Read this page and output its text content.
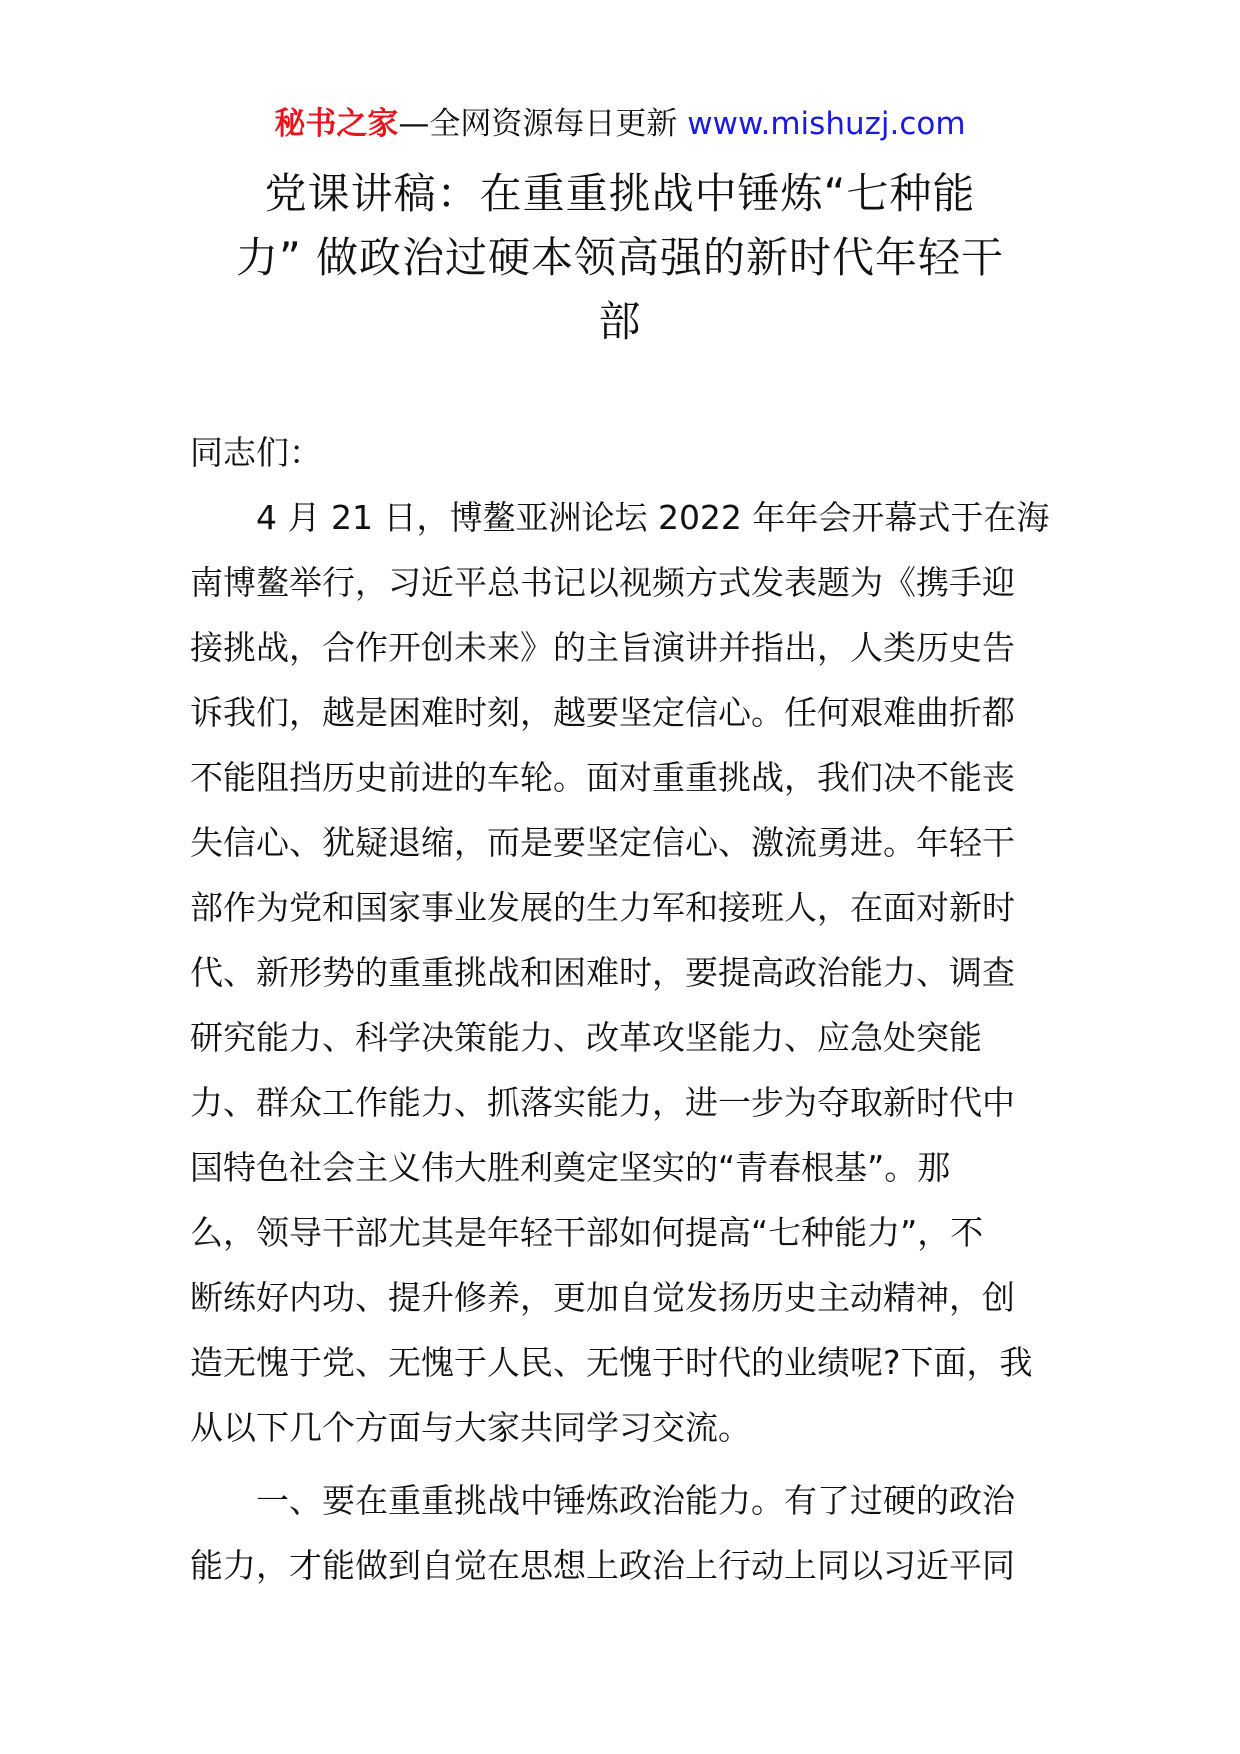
秘书之家—全网资源每日更新 www.mishuzj.com
党课讲稿：在重重挑战中锤炼“七种能
力” 做政治过硬本领高强的新时代年轻干
部
同志们：
4 月 21 日，博鳌亚洲论坛 2022 年年会开幕式于在海
南博鳌举行，习近平总书记以视频方式发表题为《携手迎
接挑战，合作开创未来》的主旨演讲并指出，人类历史告
诉我们，越是困难时刻，越要坚定信心。任何艰难曲折都
不能阻挡历史前进的车轮。面对重重挑战，我们决不能丧
失信心、犹疑退缩，而是要坚定信心、激流勇进。年轻干
部作为党和国家事业发展的生力军和接班人，在面对新时
代、新形势的重重挑战和困难时，要提高政治能力、调查
研究能力、科学决策能力、改革攻坚能力、应急处突能
力、群众工作能力、抓落实能力，进一步为夺取新时代中
国特色社会主义伟大胜利奠定坚实的“青春根基”。那
么，领导干部尤其是年轻干部如何提高“七种能力”，不
断练好内功、提升修养，更加自觉发扬历史主动精神，创
造无愧于党、无愧于人民、无愧于时代的业绩呢?下面，我
从以下几个方面与大家共同学习交流。
一、要在重重挑战中锤炼政治能力。有了过硬的政治
能力，才能做到自觉在思想上政治上行动上同以习近平同
